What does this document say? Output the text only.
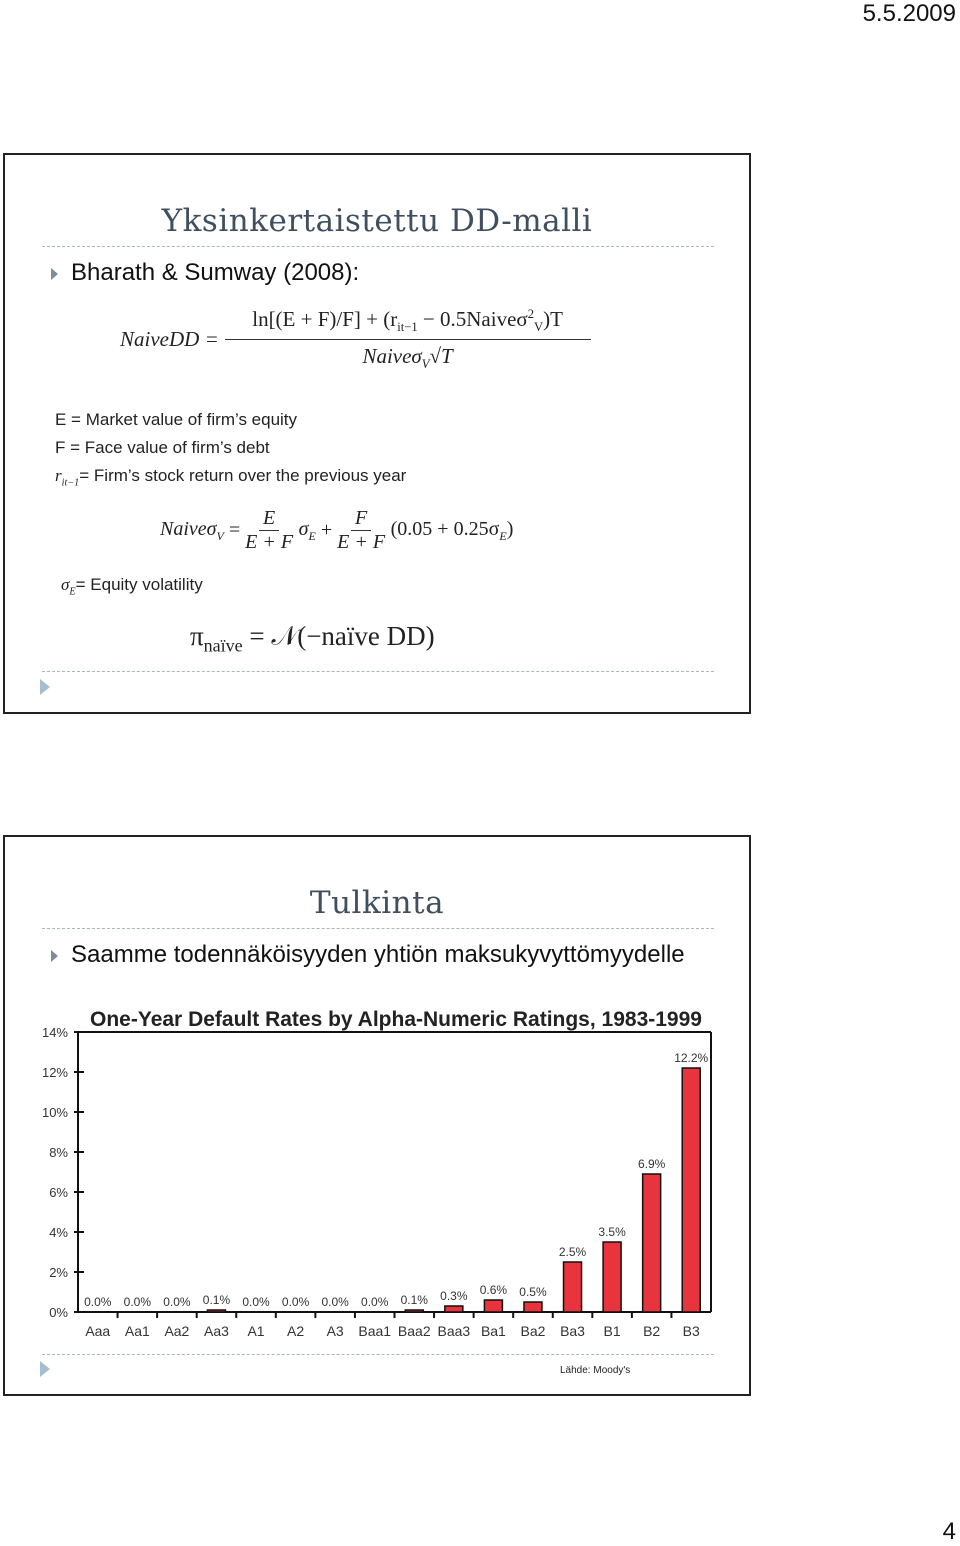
5.5.2009
4
Yksinkertaistettu DD-malli
Bharath & Sumway (2008):
NaiveDD = $\frac{\ln[(E + F)/F] + (r_{it-1} - 0.5Naive\sigma^2_V)T}{Naive\sigma_V√T}$
E = Market value of firm’s equity
F = Face value of firm’s debt
$r_{it-1}=$ Firm’s stock return over the previous year
Naiveσ$_V$ = $\frac{E}{E + F} \sigma_E + \frac{F}{E + F} (0.05 + 0.25\sigma_E)$
$\sigma_E=$ Equity volatility
$\pi_{naïve}$ = 𝒩(−naïve DD)
Tulkinta
Saamme todennäköisyyden yhtiön maksukyvyttömyydelle
Lähde: Moody's
One-Year Default Rates by Alpha-Numeric Ratings, 1983-1999
0%
2%
4%
6%
8%
10%
12%
14%
0.0%
Aaa
0.0%
Aa1
0.0%
Aa2
0.1%
Aa3
0.0%
A1
0.0%
A2
0.0%
A3
0.0%
Baa1
0.1%
Baa2
0.3%
Baa3
0.6%
Ba1
0.5%
Ba2
2.5%
Ba3
3.5%
B1
6.9%
B2
12.2%
B3
